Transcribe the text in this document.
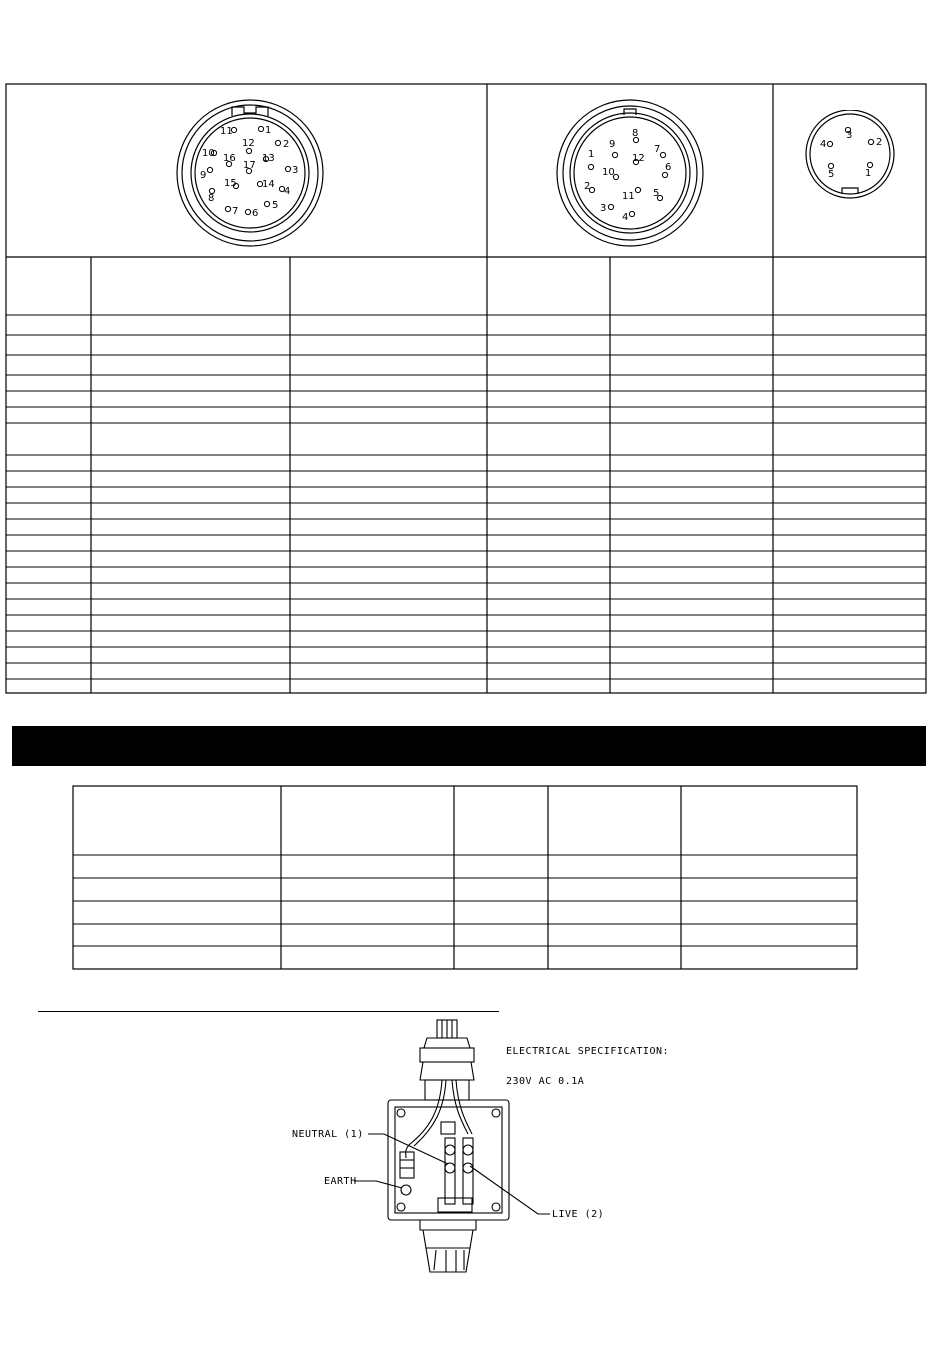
1
2
3
4
5
6
7
8
9
10
11
12
13
14
15
16
17
1
2
3
4
5
6
7
8
9
10
11
12
1
2
3
4
5
ELECTRICAL SPECIFICATION:
230V AC 0.1A
NEUTRAL (1)
EARTH
LIVE (2)
